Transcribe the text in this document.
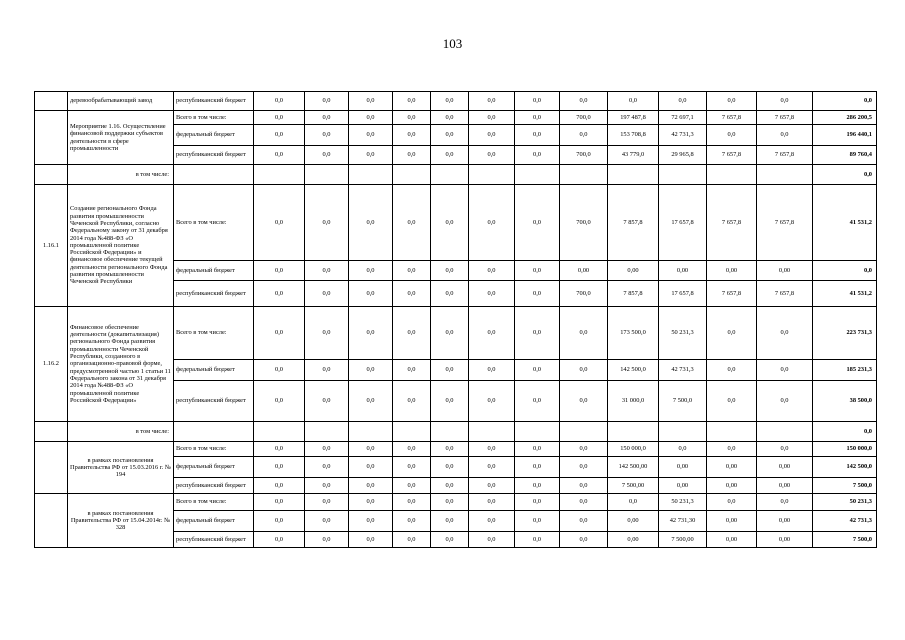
103
	деревообрабатывающий завод	республиканский бюджет	0,0	0,0	0,0	0,0	0,0	0,0	0,0	0,0	0,0	0,0	0,0	0,0	0,0
	Мероприятие 1.16. Осуществление финансовой поддержки субъектов деятельности в сфере промышленности	Всего в том числе:	0,0	0,0	0,0	0,0	0,0	0,0	0,0	700,0	197 487,8	72 697,1	7 657,8	7 657,8	286 200,5
		федеральный бюджет	0,0	0,0	0,0	0,0	0,0	0,0	0,0	0,0	153 708,8	42 731,3	0,0	0,0	196 440,1
		республиканский бюджет	0,0	0,0	0,0	0,0	0,0	0,0	0,0	700,0	43 779,0	29 965,8	7 657,8	7 657,8	89 760,4
	в том числе:														0,0
1.16.1	Создание регионального Фонда развития промышленности Чеченской Республики, согласно Федеральному закону от 31 декабря 2014 года №488-ФЗ «О промышленной политике Российской Федерации» и финансовое обеспечение текущей деятельности регионального Фонда развития промышленности Чеченской Республики	Всего в том числе:	0,0	0,0	0,0	0,0	0,0	0,0	0,0	700,0	7 857,8	17 657,8	7 657,8	7 657,8	41 531,2
		федеральный бюджет	0,0	0,0	0,0	0,0	0,0	0,0	0,0	0,00	0,00	0,00	0,00	0,00	0,0
		республиканский бюджет	0,0	0,0	0,0	0,0	0,0	0,0	0,0	700,0	7 857,8	17 657,8	7 657,8	7 657,8	41 531,2
1.16.2	Финансовое обеспечение деятельности (докапитализация) регионального Фонда развития промышленности Чеченской Республики, созданного в организационно-правовой форме, предусмотренной частью 1 статьи 11 Федерального закона от 31 декабря 2014 года №488-ФЗ «О промышленной политике Российской Федерации»	Всего в том числе:	0,0	0,0	0,0	0,0	0,0	0,0	0,0	0,0	173 500,0	50 231,3	0,0	0,0	223 731,3
		федеральный бюджет	0,0	0,0	0,0	0,0	0,0	0,0	0,0	0,0	142 500,0	42 731,3	0,0	0,0	185 231,3
		республиканский бюджет	0,0	0,0	0,0	0,0	0,0	0,0	0,0	0,0	31 000,0	7 500,0	0,0	0,0	38 500,0
	в том числе:														0,0
	в рамках постановления Правительства РФ от 15.03.2016 г. № 194	Всего в том числе:	0,0	0,0	0,0	0,0	0,0	0,0	0,0	0,0	150 000,0	0,0	0,0	0,0	150 000,0
		федеральный бюджет	0,0	0,0	0,0	0,0	0,0	0,0	0,0	0,0	142 500,00	0,00	0,00	0,00	142 500,0
		республиканский бюджет	0,0	0,0	0,0	0,0	0,0	0,0	0,0	0,0	7 500,00	0,00	0,00	0,00	7 500,0
	в рамках постановления Правительства РФ от 15.04.2014г. № 328	Всего в том числе:	0,0	0,0	0,0	0,0	0,0	0,0	0,0	0,0	0,0	50 231,3	0,0	0,0	50 231,3
		федеральный бюджет	0,0	0,0	0,0	0,0	0,0	0,0	0,0	0,0	0,00	42 731,30	0,00	0,00	42 731,3
		республиканский бюджет	0,0	0,0	0,0	0,0	0,0	0,0	0,0	0,0	0,00	7 500,00	0,00	0,00	7 500,0
